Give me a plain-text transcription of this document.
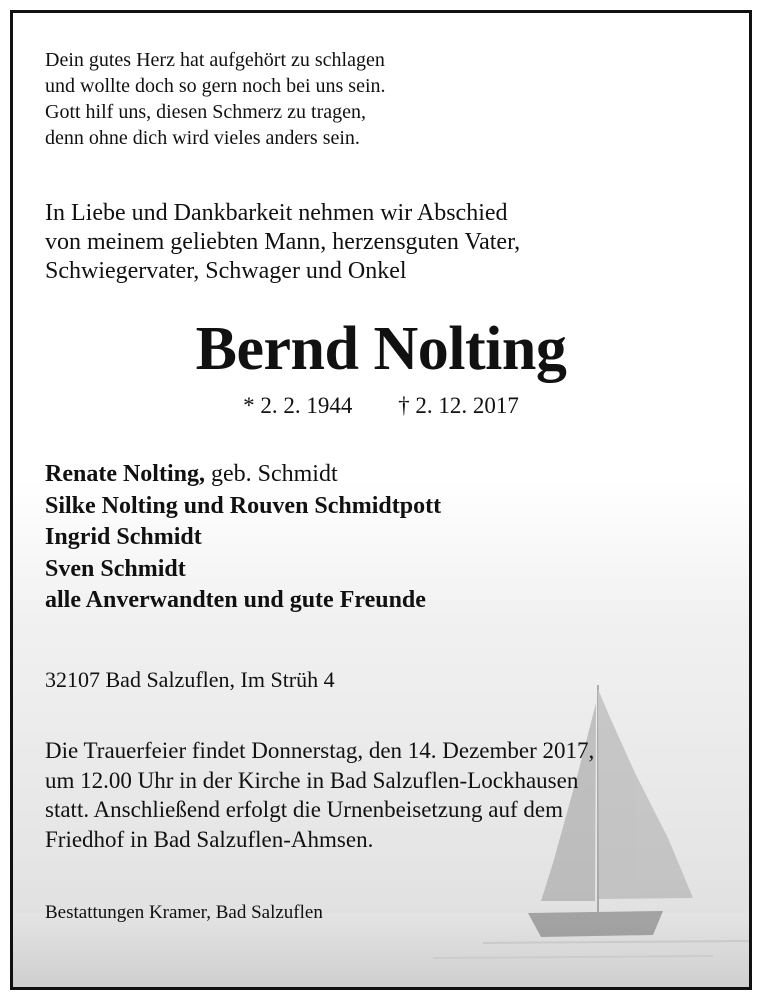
Dein gutes Herz hat aufgehört zu schlagen
und wollte doch so gern noch bei uns sein.
Gott hilf uns, diesen Schmerz zu tragen,
denn ohne dich wird vieles anders sein.
In Liebe und Dankbarkeit nehmen wir Abschied
von meinem geliebten Mann, herzensguten Vater,
Schwiegervater, Schwager und Onkel
Bernd Nolting
* 2. 2. 1944 † 2. 12. 2017
Renate Nolting, geb. Schmidt
Silke Nolting und Rouven Schmidtpott
Ingrid Schmidt
Sven Schmidt
alle Anverwandten und gute Freunde
32107 Bad Salzuflen, Im Strüh 4
Die Trauerfeier findet Donnerstag, den 14. Dezember 2017,
um 12.00 Uhr in der Kirche in Bad Salzuflen-Lockhausen
statt. Anschließend erfolgt die Urnenbeisetzung auf dem
Friedhof in Bad Salzuflen-Ahmsen.
Bestattungen Kramer, Bad Salzuflen
